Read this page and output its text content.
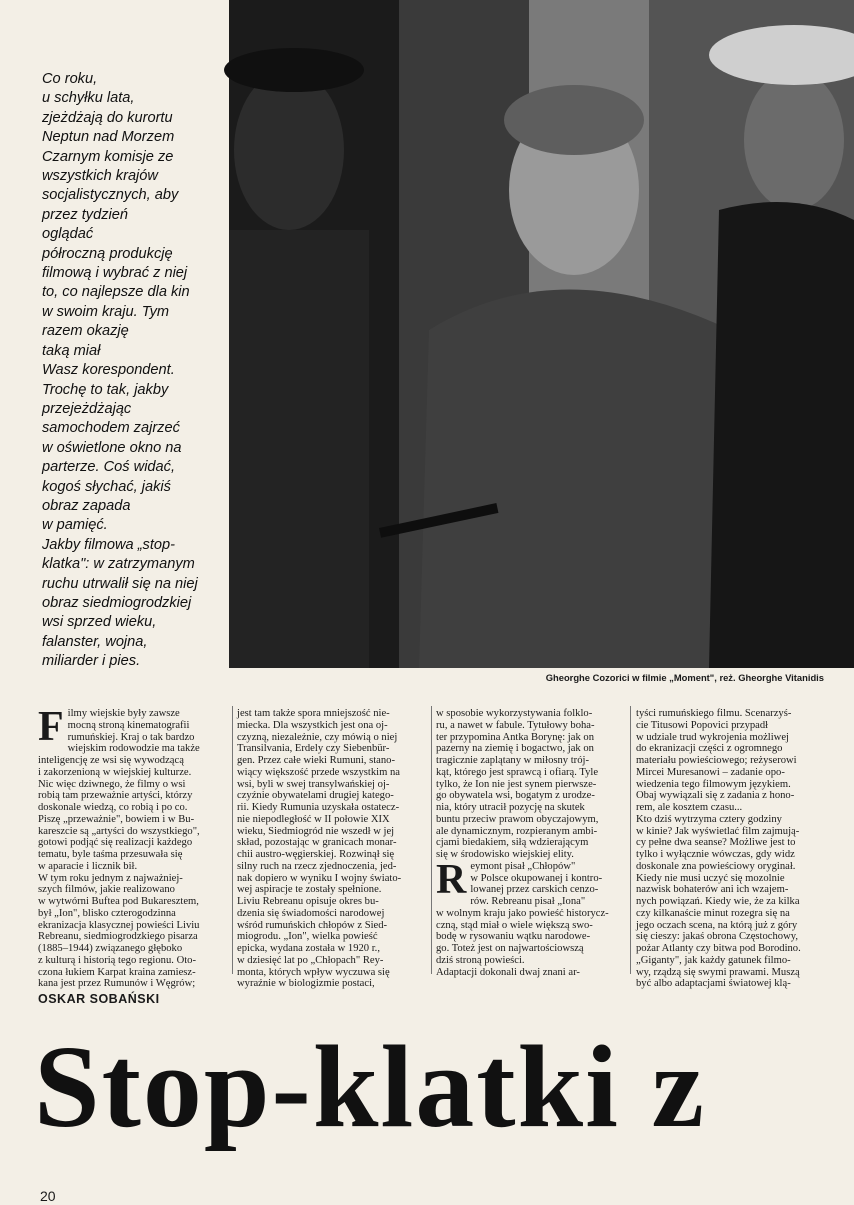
Co roku,
u schyłku lata,
zjeżdżają do kurortu
Neptun nad Morzem
Czarnym komisje ze
wszystkich krajów
socjalistycznych, aby
przez tydzień
oglądać
półroczną produkcję
filmową i wybrać z niej
to, co najlepsze dla kin
w swoim kraju. Tym
razem okazję
taką miał
Wasz korespondent.
Trochę to tak, jakby
przejeżdżając
samochodem zajrzeć
w oświetlone okno na
parterze. Coś widać,
kogoś słychać, jakiś
obraz zapada
w pamięć.
Jakby filmowa „stop-
klatka": w zatrzymanym
ruchu utrwalił się na niej
obraz siedmiogrodzkiej
wsi sprzed wieku,
falanster, wojna,
miliarder i pies.
Gheorghe Cozorici w filmie „Moment", reż. Gheorghe Vitanidis
F ilmy wiejskie były zawsze
mocną stroną kinematografii
rumuńskiej. Kraj o tak bardzo
wiejskim rodowodzie ma także
inteligencję ze wsi się wywodzącą
i zakorzenioną w wiejskiej kulturze.
Nic więc dziwnego, że filmy o wsi
robią tam przeważnie artyści, którzy
doskonale wiedzą, co robią i po co.
Piszę „przeważnie", bowiem i w Bu-
kareszcie są „artyści do wszystkiego",
gotowi podjąć się realizacji każdego
tematu, byle taśma przesuwała się
w aparacie i licznik bił.
W tym roku jednym z najważniej-
szych filmów, jakie realizowano
w wytwórni Buftea pod Bukaresztem,
był „Ion", blisko czterogodzinna
ekranizacja klasycznej powieści Liviu
Rebreanu, siedmiogrodzkiego pisarza
(1885–1944) związanego głęboko
z kulturą i historią tego regionu. Oto-
czona łukiem Karpat kraina zamiesz-
kana jest przez Rumunów i Węgrów;
jest tam także spora mniejszość nie-
miecka. Dla wszystkich jest ona oj-
czyzną, niezależnie, czy mówią o niej
Transilvania, Erdely czy Siebenbür-
gen. Przez całe wieki Rumuni, stano-
wiący większość przede wszystkim na
wsi, byli w swej transylwańskiej oj-
czyźnie obywatelami drugiej katego-
rii. Kiedy Rumunia uzyskała ostatecz-
nie niepodległość w II połowie XIX
wieku, Siedmiogród nie wszedł w jej
skład, pozostając w granicach monar-
chii austro-węgierskiej. Rozwinął się
silny ruch na rzecz zjednoczenia, jed-
nak dopiero w wyniku I wojny świato-
wej aspiracje te zostały spełnione.
Liviu Rebreanu opisuje okres bu-
dzenia się świadomości narodowej
wśród rumuńskich chłopów z Sied-
miogrodu. „Ion", wielka powieść
epicka, wydana została w 1920 r.,
w dziesięć lat po „Chłopach" Rey-
monta, których wpływ wyczuwa się
wyraźnie w biologizmie postaci,
w sposobie wykorzystywania folklo-
ru, a nawet w fabule. Tytułowy boha-
ter przypomina Antka Borynę: jak on
pazerny na ziemię i bogactwo, jak on
tragicznie zaplątany w miłosny trój-
kąt, którego jest sprawcą i ofiarą. Tyle
tylko, że Ion nie jest synem pierwsze-
go obywatela wsi, bogatym z urodze-
nia, który utracił pozycję na skutek
buntu przeciw prawom obyczajowym,
ale dynamicznym, rozpieranym ambi-
cjami biedakiem, siłą wdzierającym
się w środowisko wiejskiej elity.
R eymont pisał „Chłopów"
w Polsce okupowanej i kontro-
lowanej przez carskich cenzo-
rów. Rebreanu pisał „Iona"
w wolnym kraju jako powieść historycz-
czną, stąd miał o wiele większą swo-
bodę w rysowaniu wątku narodowe-
go. Toteż jest on najwartościowszą
dziś stroną powieści.
Adaptacji dokonali dwaj znani ar-
tyści rumuńskiego filmu. Scenarzyś-
cie Titusowi Popovici przypadł
w udziale trud wykrojenia możliwej
do ekranizacji części z ogromnego
materiału powieściowego; reżyserowi
Mircei Muresanowi – zadanie opo-
wiedzenia tego filmowym językiem.
Obaj wywiązali się z zadania z hono-
rem, ale kosztem czasu...
Kto dziś wytrzyma cztery godziny
w kinie? Jak wyświetlać film zajmują-
cy pełne dwa seanse? Możliwe jest to
tylko i wyłącznie wówczas, gdy widz
doskonale zna powieściowy oryginał.
Kiedy nie musi uczyć się mozolnie
nazwisk bohaterów ani ich wzajem-
nych powiązań. Kiedy wie, że za kilka
czy kilkanaście minut rozegra się na
jego oczach scena, na którą już z góry
się cieszy: jakaś obrona Częstochowy,
pożar Atlanty czy bitwa pod Borodino.
„Giganty", jak każdy gatunek filmo-
wy, rządzą się swymi prawami. Muszą
być albo adaptacjami światowej klą-
OSKAR SOBAŃSKI
Stop-klatki z
20
